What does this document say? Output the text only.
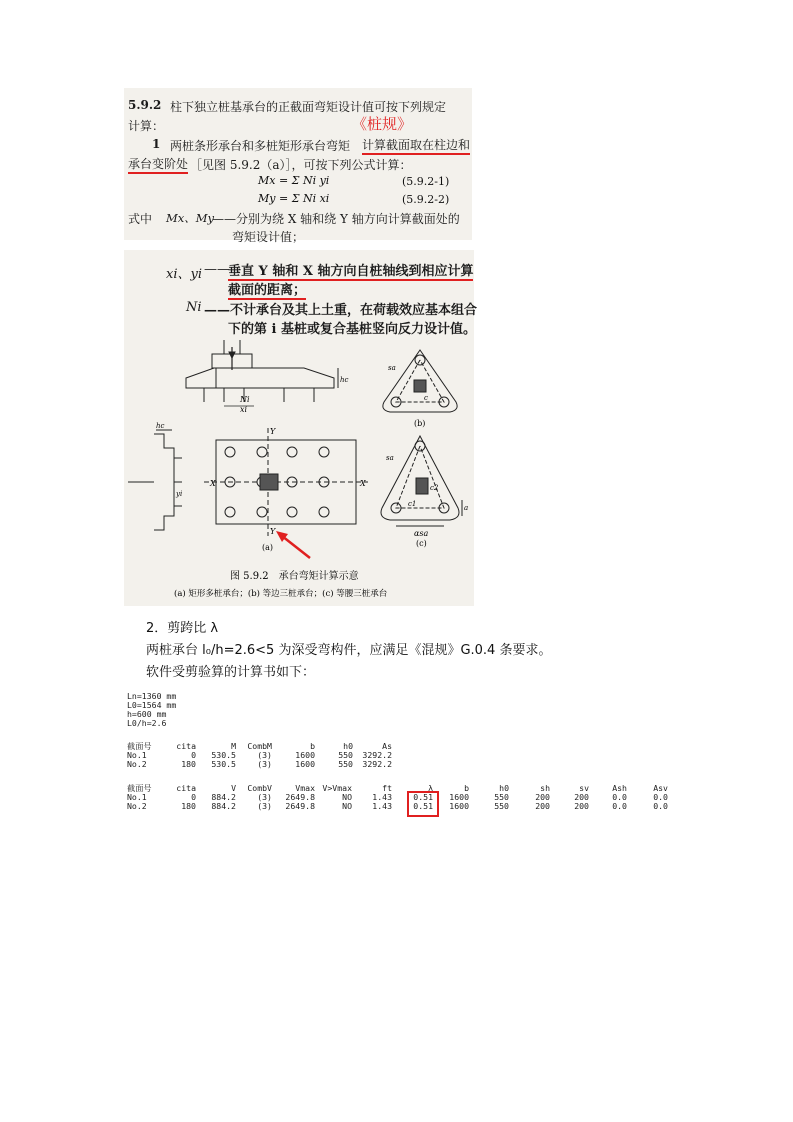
5.9.2 柱下独立桩基承台的正截面弯矩设计值可按下列规定
计算：	《桩规》
1 两桩条形承台和多桩矩形承台弯矩 计算截面取在柱边和
承台变阶处 ［见图 5.9.2（a）］，可按下列公式计算：
Mx = Σ Ni yi	(5.9.2-1)
My = Σ Ni xi	(5.9.2-2)
式中 Mx、My
——分别为绕 X 轴和绕 Y 轴方向计算截面处的
弯矩设计值；
xi、yi ——
垂直 Y 轴和 X 轴方向自桩轴线到相应计算
截面的距离；
Ni ——不计承台及其上土重，在荷载效应基本组合
下的第 i 基桩或复合基桩竖向反力设计值。
hc
Ni
xi
Y
Y
X	X
hc
yi
(a)
sa
c
(b)
sa
c2
c1	a
αsa
(c)
图 5.9.2　承台弯矩计算示意
(a) 矩形多桩承台；(b) 等边三桩承台；(c) 等腰三桩承台
2．剪跨比 λ
两桩承台 l₀/h=2.6<5 为深受弯构件，应满足《混规》G.0.4 条要求。
软件受剪验算的计算书如下：
Ln=1360 mm
L0=1564 mm
h=600 mm
L0/h=2.6
截面号	cita	M	CombM	b	h0	As
No.1	0	530.5	(3)	1600	550	3292.2
No.2	180	530.5	(3)	1600	550	3292.2
截面号	cita	V	CombV	Vmax V>Vmax	ft	λ	b	h0	sh	sv	Ash	Asv
No.1	0	884.2	(3)	2649.8	NO	1.43	0.51	1600	550	200	200	0.0	0.0
No.2	180	884.2	(3)	2649.8	NO	1.43	0.51	1600	550	200	200	0.0	0.0
